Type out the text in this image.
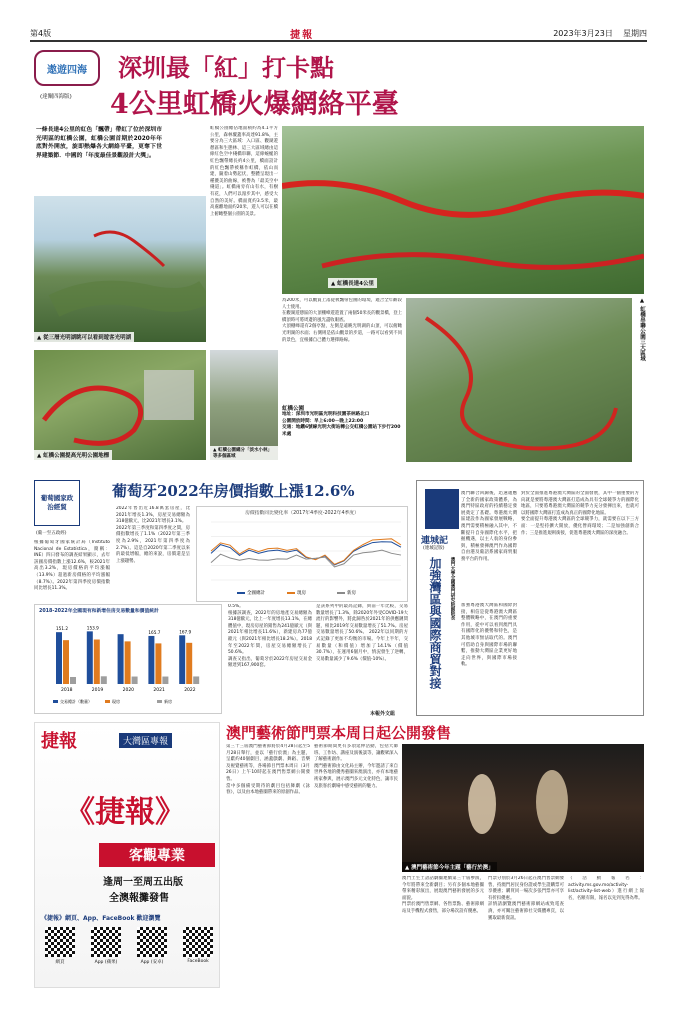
第4版	捷報	2023年3月23日 星期四
遨遊四海
(達闡四海版)
深圳最「紅」打卡點
4公里虹橋火爆網絡平臺
一條長達4公里的紅色「飄帶」帶紅了位於深圳市光明區的虹橋公園，虹橋公園首期於2020年年底對外開放，旋即熱爆各大網絡平臺，更奪下世界建築節．中國的「年度最佳景觀設計大獎」。
▲ 從三層光明湖眺可以看到遊客光明湖
▲ 虹橋公園提高光明公園地標
▲ 虹橋公園總分「淡水小林」等多個區域
虹橋公園總佔地面積約為4.1平方公里，森林覆蓋率高達91.8%，主要分為三大區域：入口區、觀湖遊憩區和生態林、這三大區域總由這條紅色空中棧橋串聯，這條蜿蜒的紅色飄帶總長約4公里，橋面設計的紅色飄帶被稱作虹橋，依山而建，隨着山勢起伏，整體呈現出一種優美的曲線，被譽為「最美空中棧道」。虹橋兩旁有山有水，有樹有花，人們可以漫步其中，感受大自然的美好。橋面寬約3.5米，最高處離地面約20米，遊人可以在橋上俯瞰整個公園的美景。
▲ 虹橋長達4公里
為200米，可以觀賞上落從被飄帶包圍的環境，適合全年齡段人士使用。
在觀湖遊憩區的大頂棚峰遊遊置了兩個50米長的觀景橋，登上橋頂時可將周邊的風光盡收眼底。
大頂棚峰還有2個亭點，左側是遠眺光明湖的山頂，可以俯瞰光明湖的水面；右側則是依山觀景的步道，一路可以看到不同的景色，宜根據自己體力選擇路線。
虹橋公園
地址：深圳市光明區光明科技園茶林路北口
公園開放時間：早上6:00－晚上22:00
交通：地鐵6號線光明大街站轉公交虹橋公園站下步行200米處
▲ 虹橋串聯公園三大區域
葡萄國家政治經貿
(葡一至五政經)
葡萄牙2022年房價指數上漲12.6%
根據葡萄牙國家統計局（Instituto Nacional de Estatística，簡稱：INE）四日發布的調查結果顯示，去年該國房價指數上漲12.6%，較2021年高出3.2%，現房價格的平均漲幅（13.9%）超過新房價格的平均漲幅（8.7%）。2022年第四季度房價指數同比增長11.3%。
2022年售出近16.8萬套房屋，比2021年增長1.3%，房屋交易總額為318億歐元，比2021年增長3.1%。
2022年第三季度和第四季度之間，房價指數增長了1.1%（2022年第三季度為2.9%，2021年第四季度為2.7%）。這是自2020年第二季度以來的最低增幅，總的來說，房價還是呈上漲趨勢。
房價指數同比變化率（2017年4季度-2022年4季度）
全國總計	現房	新房
2018-2022年全國現有和新增住房交易數量和價值統計
151.2
2018
153.9
2019	2020
165.7
2021
167.9
2022
交易總計（數量）	現房	新房
0.5%。
根據該調查，2022年的房地產交易總額為318億歐元，比上一年度增長13.1%，在總體值中，現房房屋的銷售為241億歐元（與2021年相比增長11.6%），新建房為77億歐元（與2021年相比增長18.2%）。2018年至2022年間，房屋交易總額增長了50.6%。
調查又指出，葡萄牙於2022年房屋交易金額達到167,900套。
是該系列中的最高記錄，與前一年比較，交易數量增長了1.3%，除2020年外受COVID-19大流行的影響外，將此歸咎於2021年的供應鏈問題，相比2019年交易數量增長了51.7%。房屋交易數量增長了50.6%。 2022年以同期的方式記錄了更加不均衡的市場。今年上半年，交易數量（和價值）增加了14.1%（價值30.7%），在運用6個月中，情況發生了逆轉，交易數量減少了9.6%（價值-10%）。
本報外文組
連城記
(連城記版)
加強灣區與國際商貿對接	澳門大學全國澳門研究院副院長
澳門聯合回歸後，迅速適應了全新的國家政策體系，為澳門特區政府的持續穩定發展奠定了基礎。粵港澳大灣區建設作為國家發展戰略，澳門需要積極融入其中，不斷提升自身國際化水平，把握機遇，以主人翁的身份參與，積極發揮澳門作為國際自由港及葡語系國家商貿服務平台的作用。
加強粵港澳大灣區和國際對接，相信是從粵港澳大灣區整體戰略中，在澳門的重要作用，從中可以看到澳門具有國際化的優勢和特色，是其他城市無法取代的。澳門可借助自身與國際市場的聯繫，推動大灣區企業更好地走向世界，與國際市場接軌。
對於全面推進粵港澳大灣區的全面發展，其中一個重要的方向就是要將粵港澳大灣區打造成為具有全球競爭力的國際化地區，只要將粵港澳大灣區的競爭力充分發揮出來，也就可以將國際大灣區打造成為真正的國際化地區。
要全面提升粵港澳大灣區的全球競爭力，就需要在以下三方面：一是堅持擴大開放，優化營商環境；二是加強創新合作；三是推進規則銜接，促進粵港澳大灣區的深度融合。
澳門藝術節門票本周日起公開發售
第三十三屆澳門藝術節將於4月28日起至5月28日舉行，並以「藝行於澳」為主題，呈獻約40個劇目，涵蓋戲劇、舞蹈、音樂及視覺藝術等，各場節目門票本周日（3月26日）上午10時起在澳門售票網公開發售。
當中多個備受期待的劇目包括舞劇《詠春》，以及由本地藝團帶來的原創作品。
藝術節期間更有多項延伸活動，包括大師班、工作坊、講座及演後談等，讓觀眾深入了解藝術創作。
澳門藝術節由文化局主辦，今年邀請了來自世界各地的優秀藝團來澳演出，亦有本地藝術家參與，展示澳門多元文化特色，讓市民及旅客於劇場中感受藝術的魅力。
澳門土生土語話劇團連續第三十屆參演，今年將帶來全新劇目；另有多個本地藝團帶來精彩演出，展現澳門藝術發展的多元面貌。
門票於澳門售票網、各售票點、藝術節網站及手機程式發售，部分場次設有優惠。
門票分別於3月26日起在澳門售票網發售，持澳門居民身份證或學生證購票可享優惠；購買同一場次多張門票亦可享有折扣優惠。
詳情請瀏覽澳門藝術節網站或致電查詢，亦可關注藝術節社交媒體專頁，以獲取最新資訊。
（活動報名：activity.ms.gov.mo/activity-list/activity-list-web）進行網上報名，名額有限，報名以先到先得為準。
▲ 澳門藝術節今年主題「藝行於澳」
捷報	大灣區專報
《捷報》
客觀專業
逢周一至周五出版
全澳報攤發售
《捷報》網頁、App、FaceBook 歡迎瀏覽
網頁	App (蘋果)	App (安卓)	FaceBook
